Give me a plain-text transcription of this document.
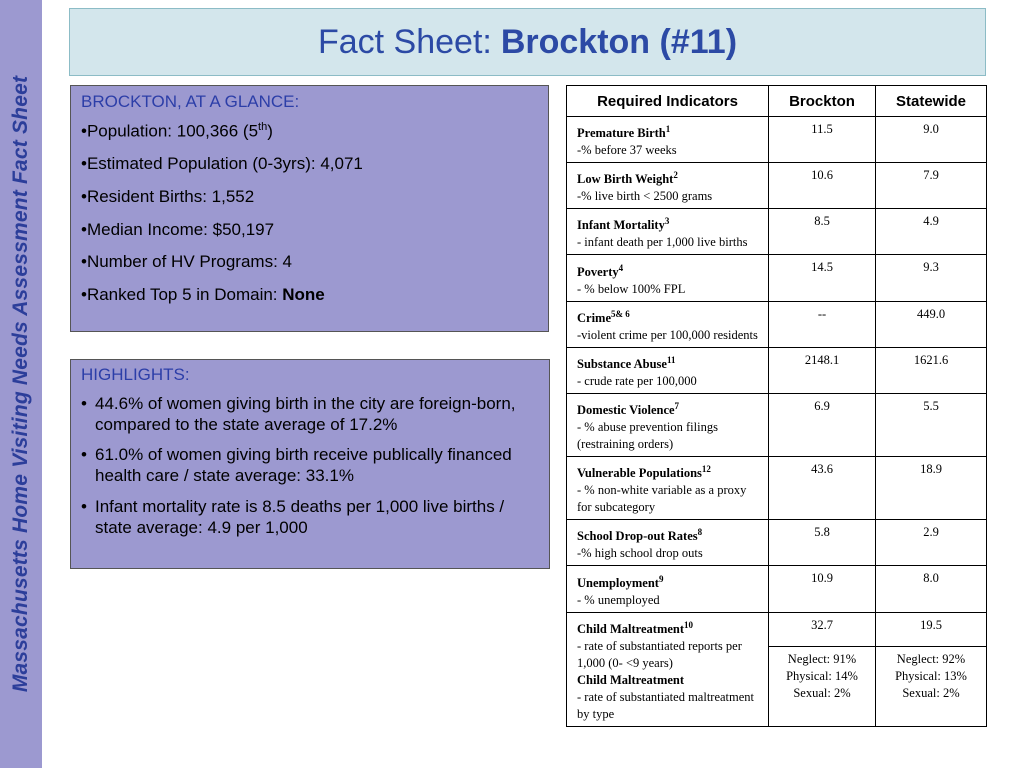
Massachusetts Home Visiting Needs Assessment Fact Sheet
Fact Sheet: Brockton (#11)
BROCKTON, AT A GLANCE:
•Population: 100,366 (5th)
•Estimated Population (0-3yrs): 4,071
•Resident Births: 1,552
•Median Income: $50,197
•Number of HV Programs: 4
•Ranked Top 5 in Domain: None
HIGHLIGHTS:
• 44.6% of women giving birth in the city are foreign-born, compared to the state average of 17.2%
• 61.0% of women giving birth receive publically financed health care / state average: 33.1%
• Infant mortality rate is 8.5 deaths per 1,000 live births / state average: 4.9 per 1,000
Required Indicators	Brockton	Statewide
Premature Birth$^1$
-% before 37 weeks	11.5	9.0
Low Birth Weight$^2$
-% live birth < 2500 grams	10.6	7.9
Infant Mortality$^3$
- infant death per 1,000 live births	8.5	4.9
Poverty$^4$
- % below 100% FPL	14.5	9.3
Crime$^{5\& 6}$
-violent crime per 100,000 residents	--	449.0
Substance Abuse$^{11}$
- crude rate per 100,000	2148.1	1621.6
Domestic Violence$^7$
- % abuse prevention filings (restraining orders)	6.9	5.5
Vulnerable Populations$^{12}$
- % non-white variable as a proxy for subcategory	43.6	18.9
School Drop-out Rates$^8$
-% high school drop outs	5.8	2.9
Unemployment$^9$
- % unemployed	10.9	8.0
Child Maltreatment$^{10}$
- rate of substantiated reports per 1,000 (0- <9 years)
Child Maltreatment
- rate of substantiated maltreatment by type	32.7	19.5

	Neglect: 91%
Physical: 14%
Sexual: 2%	Neglect: 92%
Physical: 13%
Sexual: 2%
